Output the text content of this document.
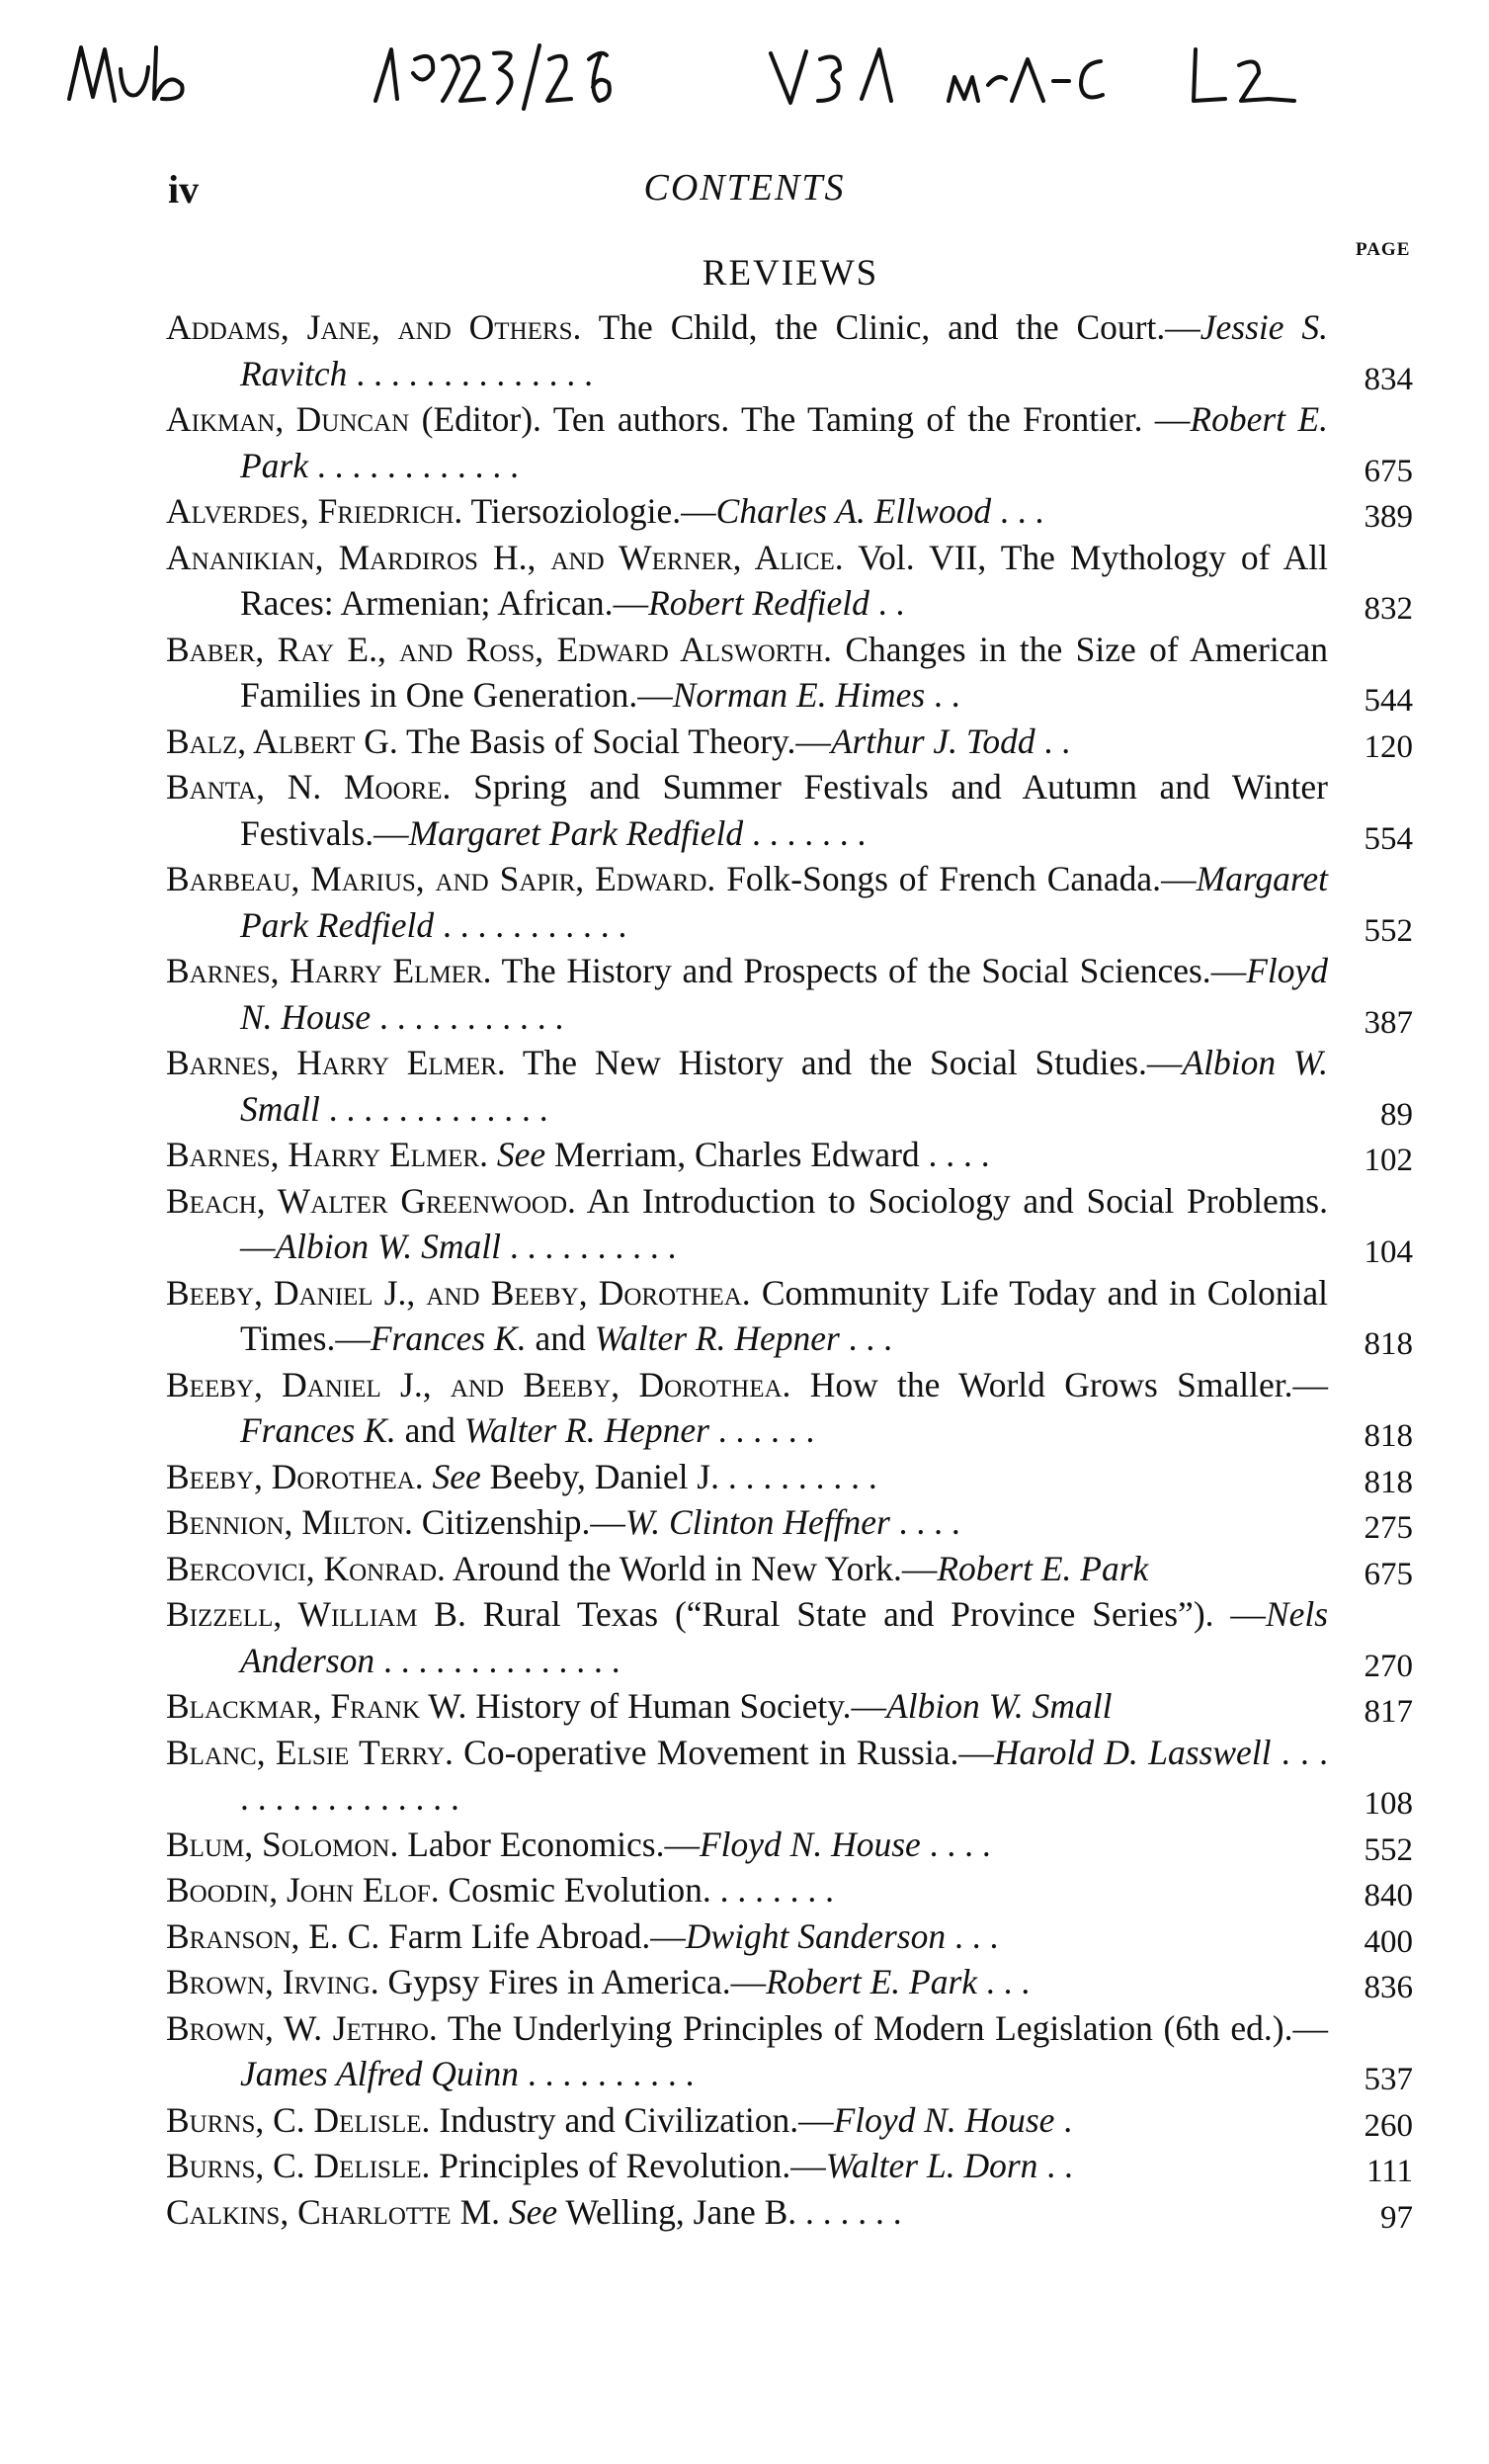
iv	CONTENTS
PAGE
REVIEWS
Addams, Jane, and Others. The Child, the Clinic, and the Court.—Jessie S. Ravitch . . . . . . . . . . . . . .	834
Aikman, Duncan (Editor). Ten authors. The Taming of the Frontier. —Robert E. Park . . . . . . . . . . . .	675
Alverdes, Friedrich. Tiersoziologie.—Charles A. Ellwood . . .	389
Ananikian, Mardiros H., and Werner, Alice. Vol. VII, The Mythology of All Races: Armenian; African.—Robert Redfield . .	832
Baber, Ray E., and Ross, Edward Alsworth. Changes in the Size of American Families in One Generation.—Norman E. Himes . .	544
Balz, Albert G. The Basis of Social Theory.—Arthur J. Todd . .	120
Banta, N. Moore. Spring and Summer Festivals and Autumn and Winter Festivals.—Margaret Park Redfield . . . . . . .	554
Barbeau, Marius, and Sapir, Edward. Folk-Songs of French Canada.—Margaret Park Redfield . . . . . . . . . . .	552
Barnes, Harry Elmer. The History and Prospects of the Social Sciences.—Floyd N. House . . . . . . . . . . .	387
Barnes, Harry Elmer. The New History and the Social Studies.—Albion W. Small . . . . . . . . . . . . .	89
Barnes, Harry Elmer. See Merriam, Charles Edward . . . .	102
Beach, Walter Greenwood. An Introduction to Sociology and Social Problems.—Albion W. Small . . . . . . . . . .	104
Beeby, Daniel J., and Beeby, Dorothea. Community Life Today and in Colonial Times.—Frances K. and Walter R. Hepner . . .	818
Beeby, Daniel J., and Beeby, Dorothea. How the World Grows Smaller.—Frances K. and Walter R. Hepner . . . . . .	818
Beeby, Dorothea. See Beeby, Daniel J. . . . . . . . . .	818
Bennion, Milton. Citizenship.—W. Clinton Heffner . . . .	275
Bercovici, Konrad. Around the World in New York.—Robert E. Park	675
Bizzell, William B. Rural Texas (“Rural State and Province Series”). —Nels Anderson . . . . . . . . . . . . . .	270
Blackmar, Frank W. History of Human Society.—Albion W. Small	817
Blanc, Elsie Terry. Co-operative Movement in Russia.—Harold D. Lasswell . . . . . . . . . . . . . . . .	108
Blum, Solomon. Labor Economics.—Floyd N. House . . . .	552
Boodin, John Elof. Cosmic Evolution. . . . . . . .	840
Branson, E. C. Farm Life Abroad.—Dwight Sanderson . . .	400
Brown, Irving. Gypsy Fires in America.—Robert E. Park . . .	836
Brown, W. Jethro. The Underlying Principles of Modern Legislation (6th ed.).—James Alfred Quinn . . . . . . . . . .	537
Burns, C. Delisle. Industry and Civilization.—Floyd N. House .	260
Burns, C. Delisle. Principles of Revolution.—Walter L. Dorn . .	111
Calkins, Charlotte M. See Welling, Jane B. . . . . . .	97
